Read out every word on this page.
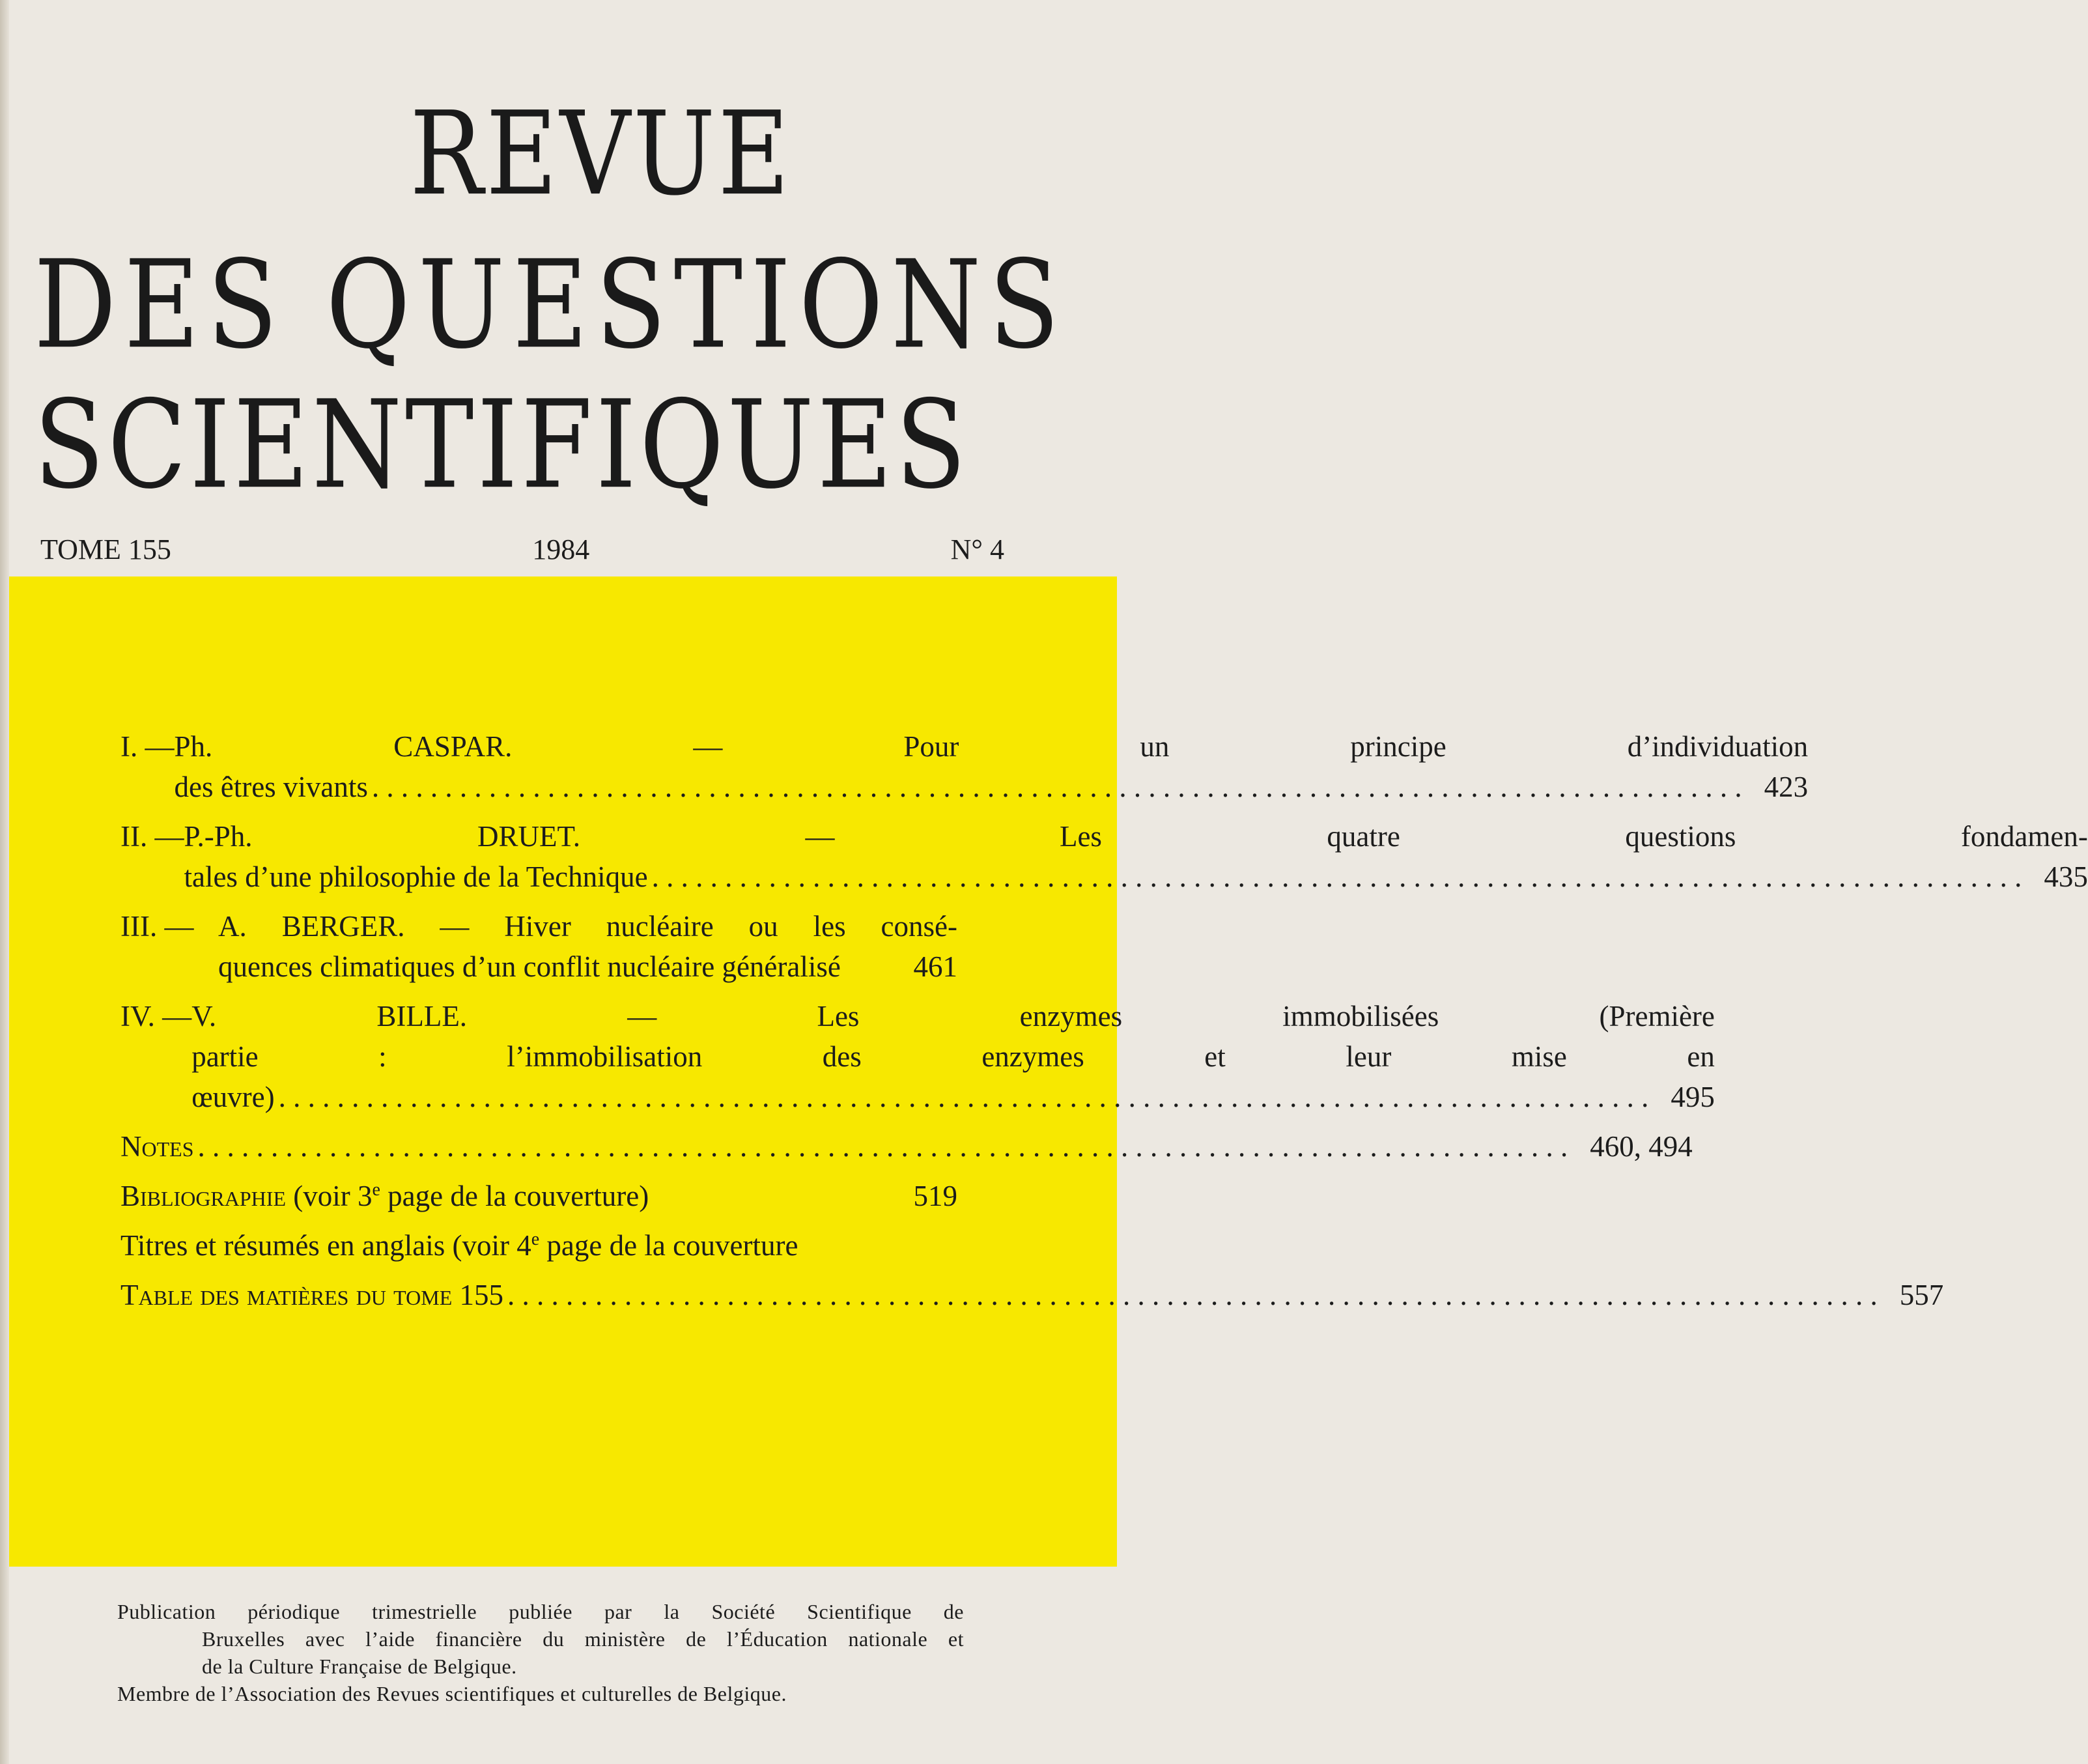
REVUE
DES QUESTIONS
SCIENTIFIQUES
TOME 155	1984	N° 4
I. — Ph. CASPAR. — Pour un principe d’individuation
des êtres vivants . . .	423
II. — P.-Ph. DRUET. — Les quatre questions fondamen-
tales d’une philosophie de la Technique . . .	435
III. — A. BERGER. — Hiver nucléaire ou les consé-
quences climatiques d’un conflit nucléaire généralisé	461
IV. — V. BILLE. — Les enzymes immobilisées (Première
partie : l’immobilisation des enzymes et leur mise en
œuvre) . . .	495
Notes . . .	460, 494
Bibliographie (voir 3e page de la couverture)	519
Titres et résumés en anglais (voir 4e page de la couverture
Table des matières du tome 155 . . .	557
Publication périodique trimestrielle publiée par la Société Scientifique de
Bruxelles avec l’aide financière du ministère de l’Éducation nationale et
de la Culture Française de Belgique.
Membre de l’Association des Revues scientifiques et culturelles de Belgique.
